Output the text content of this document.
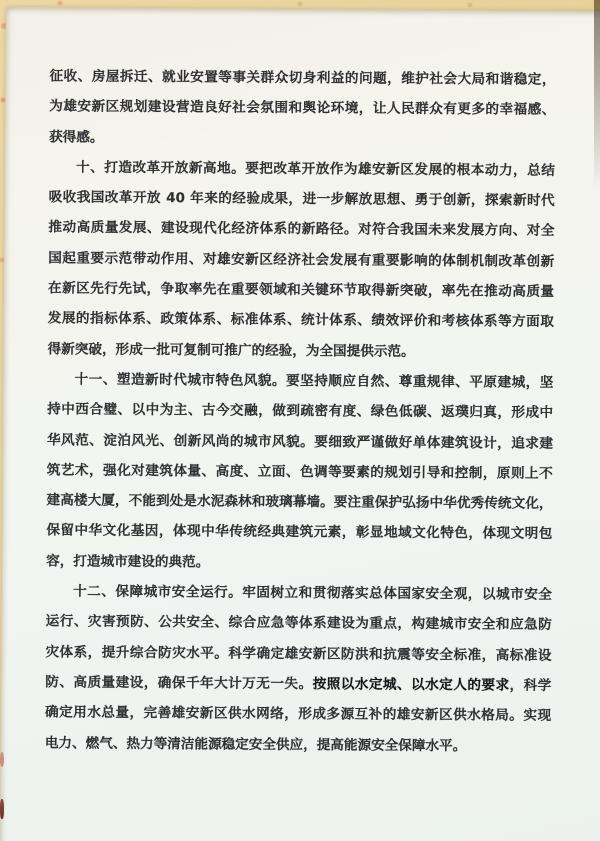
征收、房屋拆迁、就业安置等事关群众切身利益的问题，维护社会大局和谐稳定，
为雄安新区规划建设营造良好社会氛围和舆论环境，让人民群众有更多的幸福感、
获得感。
十、打造改革开放新高地。要把改革开放作为雄安新区发展的根本动力，总结
吸收我国改革开放 40 年来的经验成果，进一步解放思想、勇于创新，探索新时代
推动高质量发展、建设现代化经济体系的新路径。对符合我国未来发展方向、对全
国起重要示范带动作用、对雄安新区经济社会发展有重要影响的体制机制改革创新
在新区先行先试，争取率先在重要领域和关键环节取得新突破，率先在推动高质量
发展的指标体系、政策体系、标准体系、统计体系、绩效评价和考核体系等方面取
得新突破，形成一批可复制可推广的经验，为全国提供示范。
十一、塑造新时代城市特色风貌。要坚持顺应自然、尊重规律、平原建城，坚
持中西合璧、以中为主、古今交融，做到疏密有度、绿色低碳、返璞归真，形成中
华风范、淀泊风光、创新风尚的城市风貌。要细致严谨做好单体建筑设计，追求建
筑艺术，强化对建筑体量、高度、立面、色调等要素的规划引导和控制，原则上不
建高楼大厦，不能到处是水泥森林和玻璃幕墙。要注重保护弘扬中华优秀传统文化，
保留中华文化基因，体现中华传统经典建筑元素，彰显地域文化特色，体现文明包
容，打造城市建设的典范。
十二、保障城市安全运行。牢固树立和贯彻落实总体国家安全观，以城市安全
运行、灾害预防、公共安全、综合应急等体系建设为重点，构建城市安全和应急防
灾体系，提升综合防灾水平。科学确定雄安新区防洪和抗震等安全标准，高标准设
防、高质量建设，确保千年大计万无一失。按照以水定城、以水定人的要求，科学
确定用水总量，完善雄安新区供水网络，形成多源互补的雄安新区供水格局。实现
电力、燃气、热力等清洁能源稳定安全供应，提高能源安全保障水平。
